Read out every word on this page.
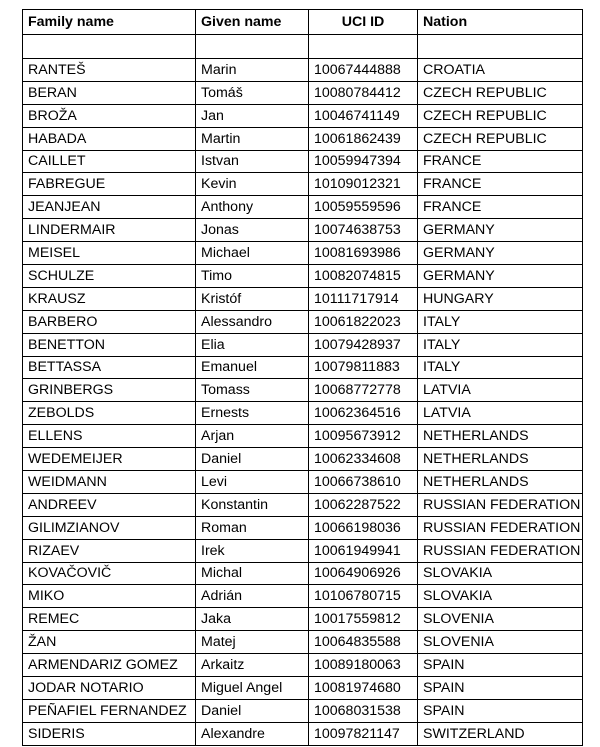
Family name	Given name	UCI ID	Nation

RANTEŠ	Marin	10067444888	CROATIA
BERAN	Tomáš	10080784412	CZECH REPUBLIC
BROŽA	Jan	10046741149	CZECH REPUBLIC
HABADA	Martin	10061862439	CZECH REPUBLIC
CAILLET	Istvan	10059947394	FRANCE
FABREGUE	Kevin	10109012321	FRANCE
JEANJEAN	Anthony	10059559596	FRANCE
LINDERMAIR	Jonas	10074638753	GERMANY
MEISEL	Michael	10081693986	GERMANY
SCHULZE	Timo	10082074815	GERMANY
KRAUSZ	Kristóf	10111717914	HUNGARY
BARBERO	Alessandro	10061822023	ITALY
BENETTON	Elia	10079428937	ITALY
BETTASSA	Emanuel	10079811883	ITALY
GRINBERGS	Tomass	10068772778	LATVIA
ZEBOLDS	Ernests	10062364516	LATVIA
ELLENS	Arjan	10095673912	NETHERLANDS
WEDEMEIJER	Daniel	10062334608	NETHERLANDS
WEIDMANN	Levi	10066738610	NETHERLANDS
ANDREEV	Konstantin	10062287522	RUSSIAN FEDERATION
GILIMZIANOV	Roman	10066198036	RUSSIAN FEDERATION
RIZAEV	Irek	10061949941	RUSSIAN FEDERATION
KOVAČOVIČ	Michal	10064906926	SLOVAKIA
MIKO	Adrián	10106780715	SLOVAKIA
REMEC	Jaka	10017559812	SLOVENIA
ŽAN	Matej	10064835588	SLOVENIA
ARMENDARIZ GOMEZ	Arkaitz	10089180063	SPAIN
JODAR NOTARIO	Miguel Angel	10081974680	SPAIN
PEÑAFIEL FERNANDEZ	Daniel	10068031538	SPAIN
SIDERIS	Alexandre	10097821147	SWITZERLAND
